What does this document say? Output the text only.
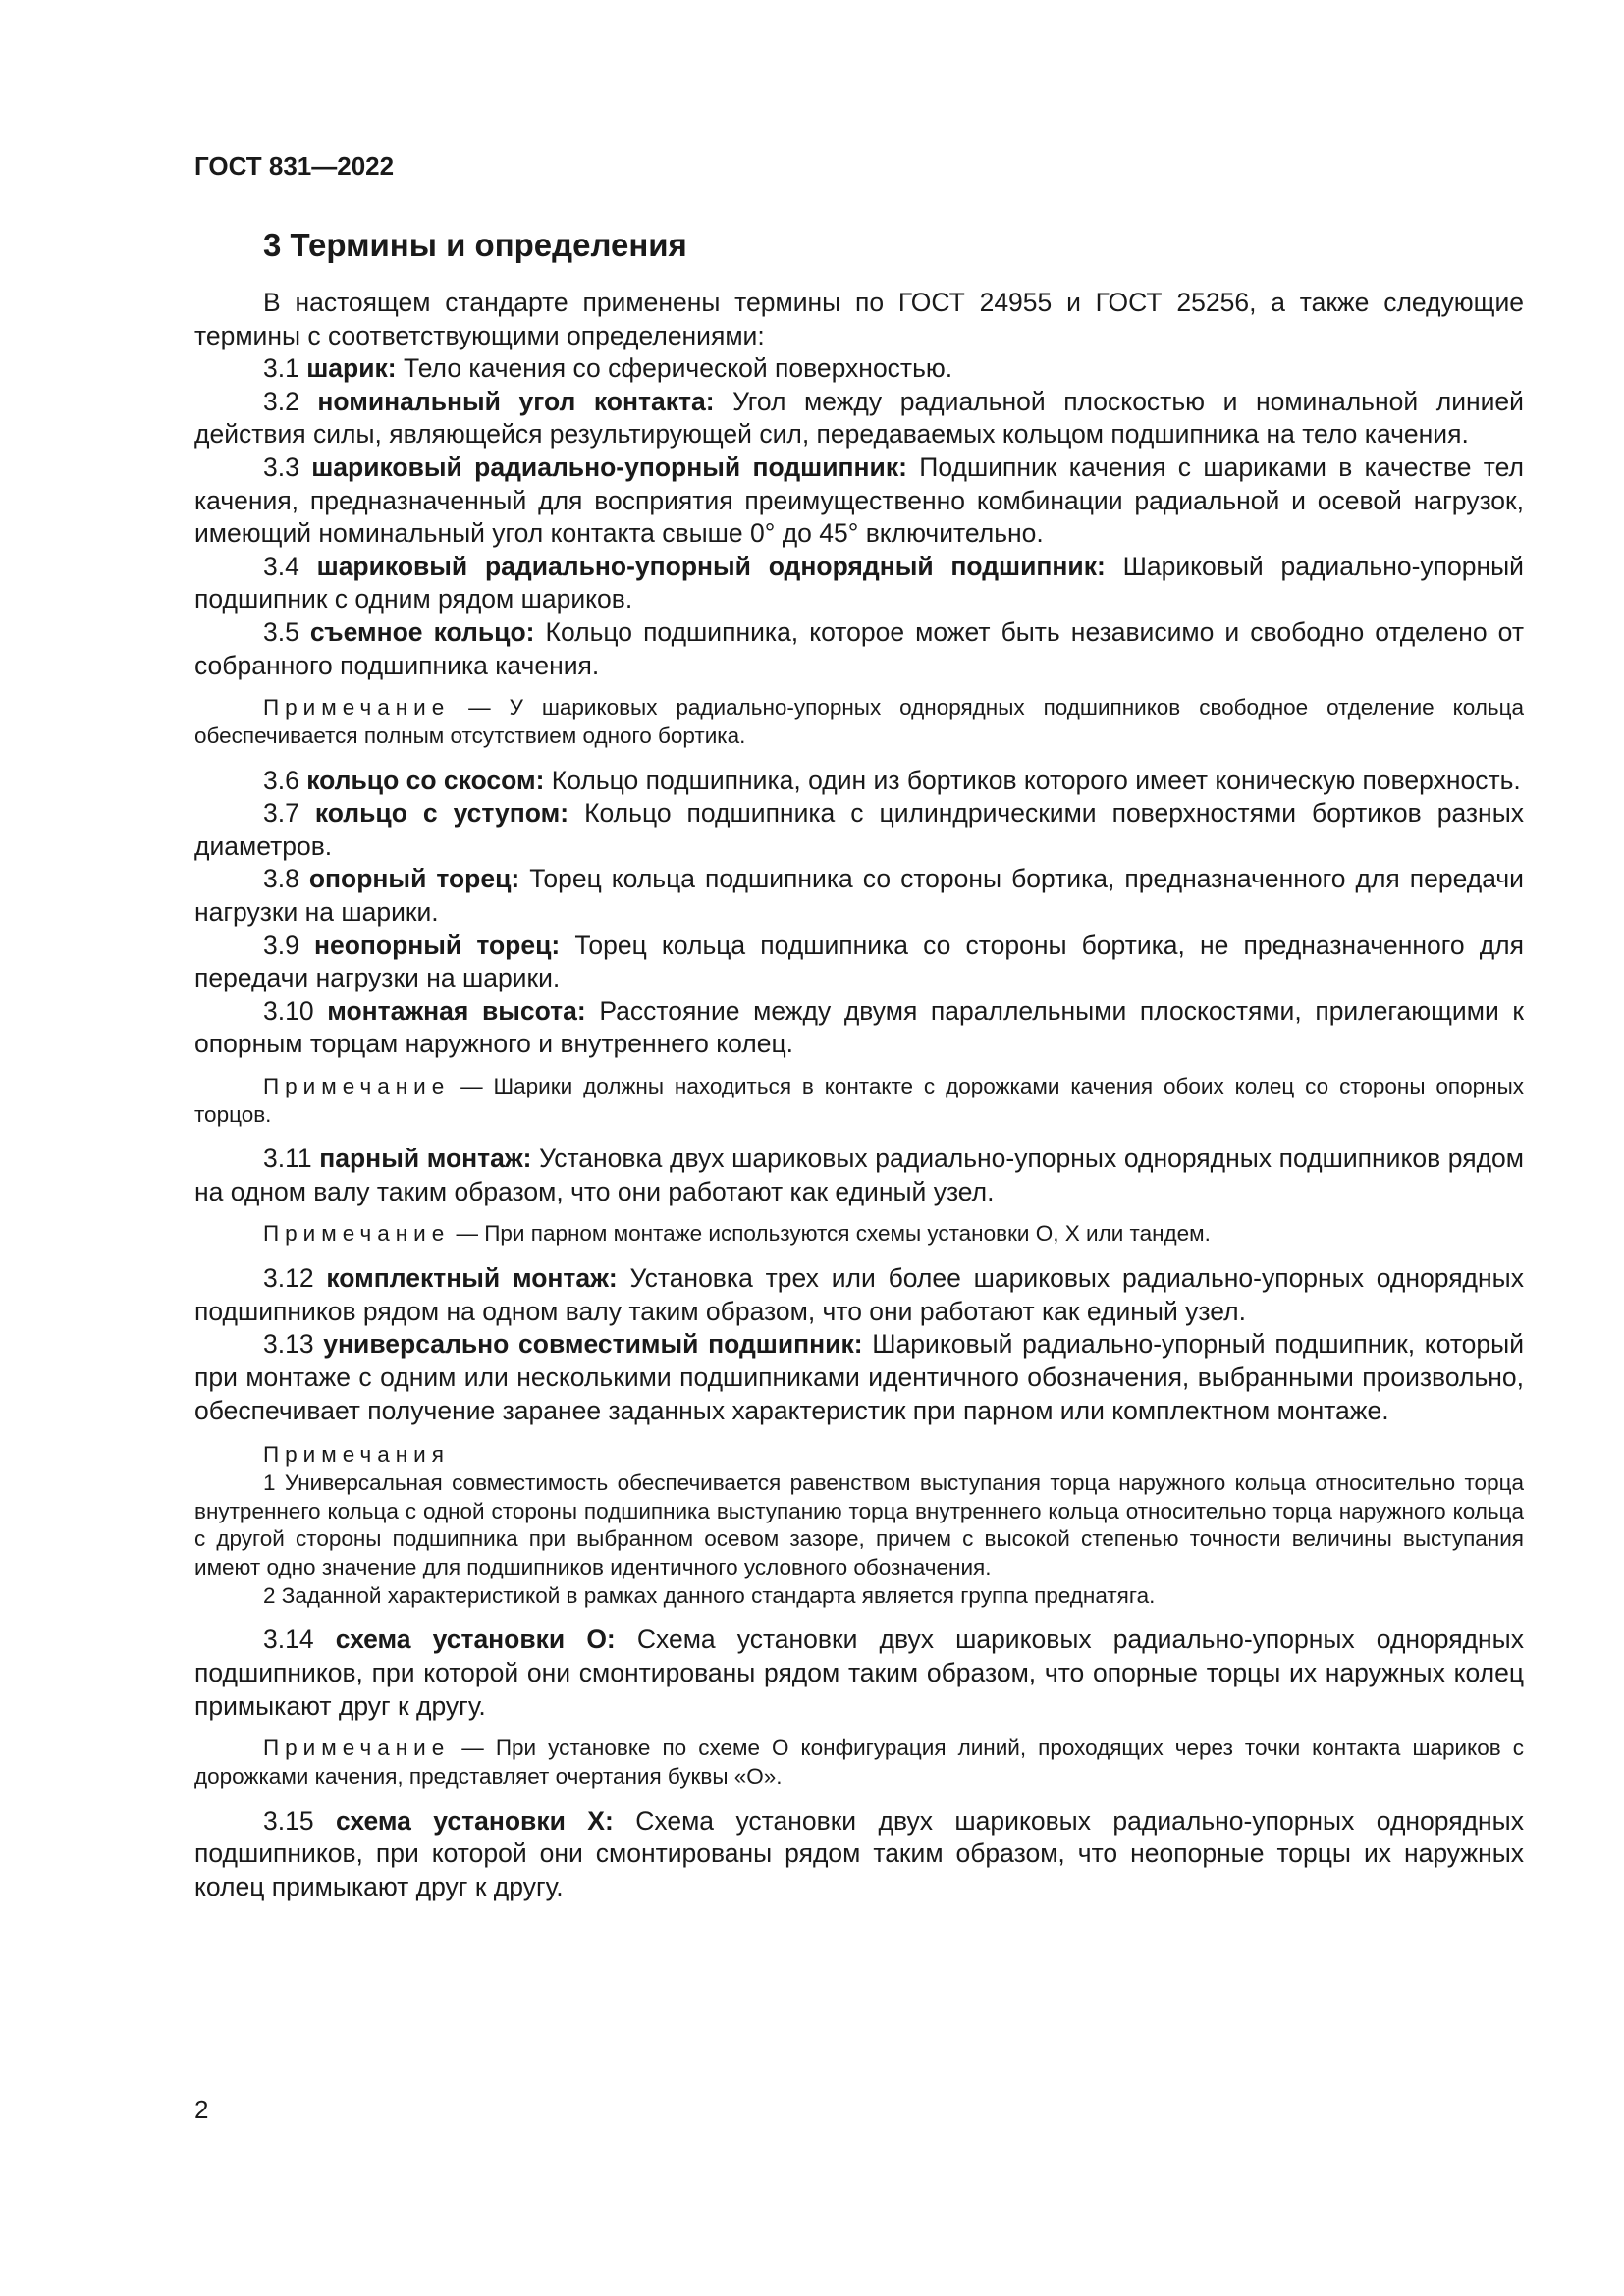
ГОСТ 831—2022
3 Термины и определения

В настоящем стандарте применены термины по ГОСТ 24955 и ГОСТ 25256, а также следующие термины с соответствующими определениями:

3.1 шарик: Тело качения со сферической поверхностью.

3.2 номинальный угол контакта: Угол между радиальной плоскостью и номинальной линией действия силы, являющейся результирующей сил, передаваемых кольцом подшипника на тело качения.

3.3 шариковый радиально-упорный подшипник: Подшипник качения с шариками в качестве тел качения, предназначенный для восприятия преимущественно комбинации радиальной и осевой нагрузок, имеющий номинальный угол контакта свыше 0° до 45° включительно.

3.4 шариковый радиально-упорный однорядный подшипник: Шариковый радиально-упорный подшипник с одним рядом шариков.

3.5 съемное кольцо: Кольцо подшипника, которое может быть независимо и свободно отделено от собранного подшипника качения.

Примечание — У шариковых радиально-упорных однорядных подшипников свободное отделение кольца обеспечивается полным отсутствием одного бортика.

3.6 кольцо со скосом: Кольцо подшипника, один из бортиков которого имеет коническую поверхность.

3.7 кольцо с уступом: Кольцо подшипника с цилиндрическими поверхностями бортиков разных диаметров.

3.8 опорный торец: Торец кольца подшипника со стороны бортика, предназначенного для передачи нагрузки на шарики.

3.9 неопорный торец: Торец кольца подшипника со стороны бортика, не предназначенного для передачи нагрузки на шарики.

3.10 монтажная высота: Расстояние между двумя параллельными плоскостями, прилегающими к опорным торцам наружного и внутреннего колец.

Примечание — Шарики должны находиться в контакте с дорожками качения обоих колец со стороны опорных торцов.

3.11 парный монтаж: Установка двух шариковых радиально-упорных однорядных подшипников рядом на одном валу таким образом, что они работают как единый узел.

Примечание — При парном монтаже используются схемы установки О, Х или тандем.

3.12 комплектный монтаж: Установка трех или более шариковых радиально-упорных однорядных подшипников рядом на одном валу таким образом, что они работают как единый узел.

3.13 универсально совместимый подшипник: Шариковый радиально-упорный подшипник, который при монтаже с одним или несколькими подшипниками идентичного обозначения, выбранными произвольно, обеспечивает получение заранее заданных характеристик при парном или комплектном монтаже.

Примечания
1 Универсальная совместимость обеспечивается равенством выступания торца наружного кольца относительно торца внутреннего кольца с одной стороны подшипника выступанию торца внутреннего кольца относительно торца наружного кольца с другой стороны подшипника при выбранном осевом зазоре, причем с высокой степенью точности величины выступания имеют одно значение для подшипников идентичного условного обозначения.
2 Заданной характеристикой в рамках данного стандарта является группа преднатяга.

3.14 схема установки О: Схема установки двух шариковых радиально-упорных однорядных подшипников, при которой они смонтированы рядом таким образом, что опорные торцы их наружных колец примыкают друг к другу.

Примечание — При установке по схеме О конфигурация линий, проходящих через точки контакта шариков с дорожками качения, представляет очертания буквы «О».

3.15 схема установки Х: Схема установки двух шариковых радиально-упорных однорядных подшипников, при которой они смонтированы рядом таким образом, что неопорные торцы их наружных колец примыкают друг к другу.

2
